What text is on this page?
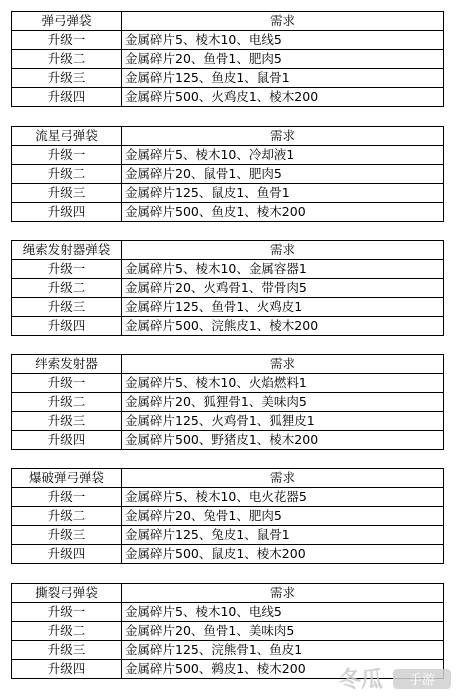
弹弓弹袋	需求
升级一	金属碎片5、棱木10、电线5
升级二	金属碎片20、鱼骨1、肥肉5
升级三	金属碎片125、鱼皮1、鼠骨1
升级四	金属碎片500、火鸡皮1、棱木200
流星弓弹袋	需求
升级一	金属碎片5、棱木10、冷却液1
升级二	金属碎片20、鼠骨1、肥肉5
升级三	金属碎片125、鼠皮1、鱼骨1
升级四	金属碎片500、鱼皮1、棱木200
绳索发射器弹袋	需求
升级一	金属碎片5、棱木10、金属容器1
升级二	金属碎片20、火鸡骨1、带骨肉5
升级三	金属碎片125、鱼骨1、火鸡皮1
升级四	金属碎片500、浣熊皮1、棱木200
绊索发射器	需求
升级一	金属碎片5、棱木10、火焰燃料1
升级二	金属碎片20、狐狸骨1、美味肉5
升级三	金属碎片125、火鸡骨1、狐狸皮1
升级四	金属碎片500、野猪皮1、棱木200
爆破弹弓弹袋	需求
升级一	金属碎片5、棱木10、电火花器5
升级二	金属碎片20、兔骨1、肥肉5
升级三	金属碎片125、兔皮1、鼠骨1
升级四	金属碎片500、鼠皮1、棱木200
撕裂弓弹袋	需求
升级一	金属碎片5、棱木10、电线5
升级二	金属碎片20、鱼骨1、美味肉5
升级三	金属碎片125、浣熊骨1、鱼皮1
升级四	金属碎片500、鹈皮1、棱木200 冬瓜 手游
